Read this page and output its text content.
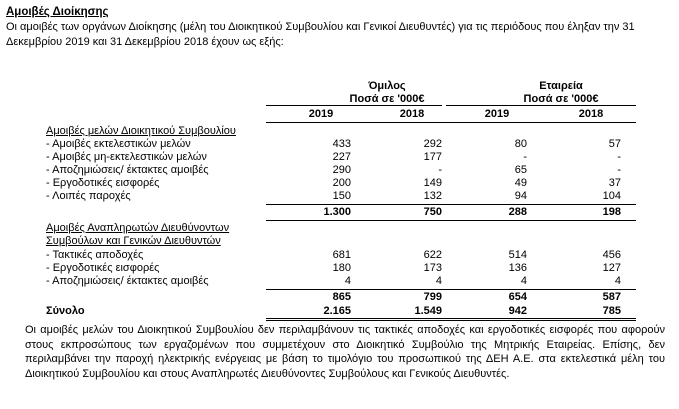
Αμοιβές Διοίκησης
Οι αμοιβές των οργάνων Διοίκησης (μέλη του Διοικητικού Συμβουλίου και Γενικοί Διευθυντές) για τις περιόδους που έληξαν την 31 Δεκεμβρίου 2019 και 31 Δεκεμβρίου 2018 έχουν ως εξής:
Όμιλος
Ποσά σε '000€
Εταιρεία
Ποσά σε '000€
2019	2018	2019	2018
Αμοιβές μελών Διοικητικού Συμβουλίου
- Αμοιβές εκτελεστικών μελών	433	292	80	57
- Αμοιβές μη-εκτελεστικών μελών	227	177	-	-
- Αποζημιώσεις/ έκτακτες αμοιβές	290	-	65	-
- Εργοδοτικές εισφορές	200	149	49	37
- Λοιπές παροχές	150	132	94	104
1.300	750	288	198
Αμοιβές Αναπληρωτών Διευθύνοντων
Συμβούλων και Γενικών Διευθυντών
- Τακτικές αποδοχές	681	622	514	456
- Εργοδοτικές εισφορές	180	173	136	127
- Αποζημιώσεις/ έκτακτες αμοιβές	4	4	4	4
865	799	654	587
Σύνολο	2.165	1.549	942	785
Οι αμοιβές μελών του Διοικητικού Συμβουλίου δεν περιλαμβάνουν τις τακτικές αποδοχές και εργοδοτικές εισφορές που αφορούν στους εκπροσώπους των εργαζομένων που συμμετέχουν στο Διοικητικό Συμβούλιο της Μητρικής Εταιρείας. Επίσης, δεν περιλαμβάνει την παροχή ηλεκτρικής ενέργειας με βάση το τιμολόγιο του προσωπικού της ΔΕΗ Α.Ε. στα εκτελεστικά μέλη του Διοικητικού Συμβουλίου και στους Αναπληρωτές Διευθύνοντες Συμβούλους και Γενικούς Διευθυντές.
